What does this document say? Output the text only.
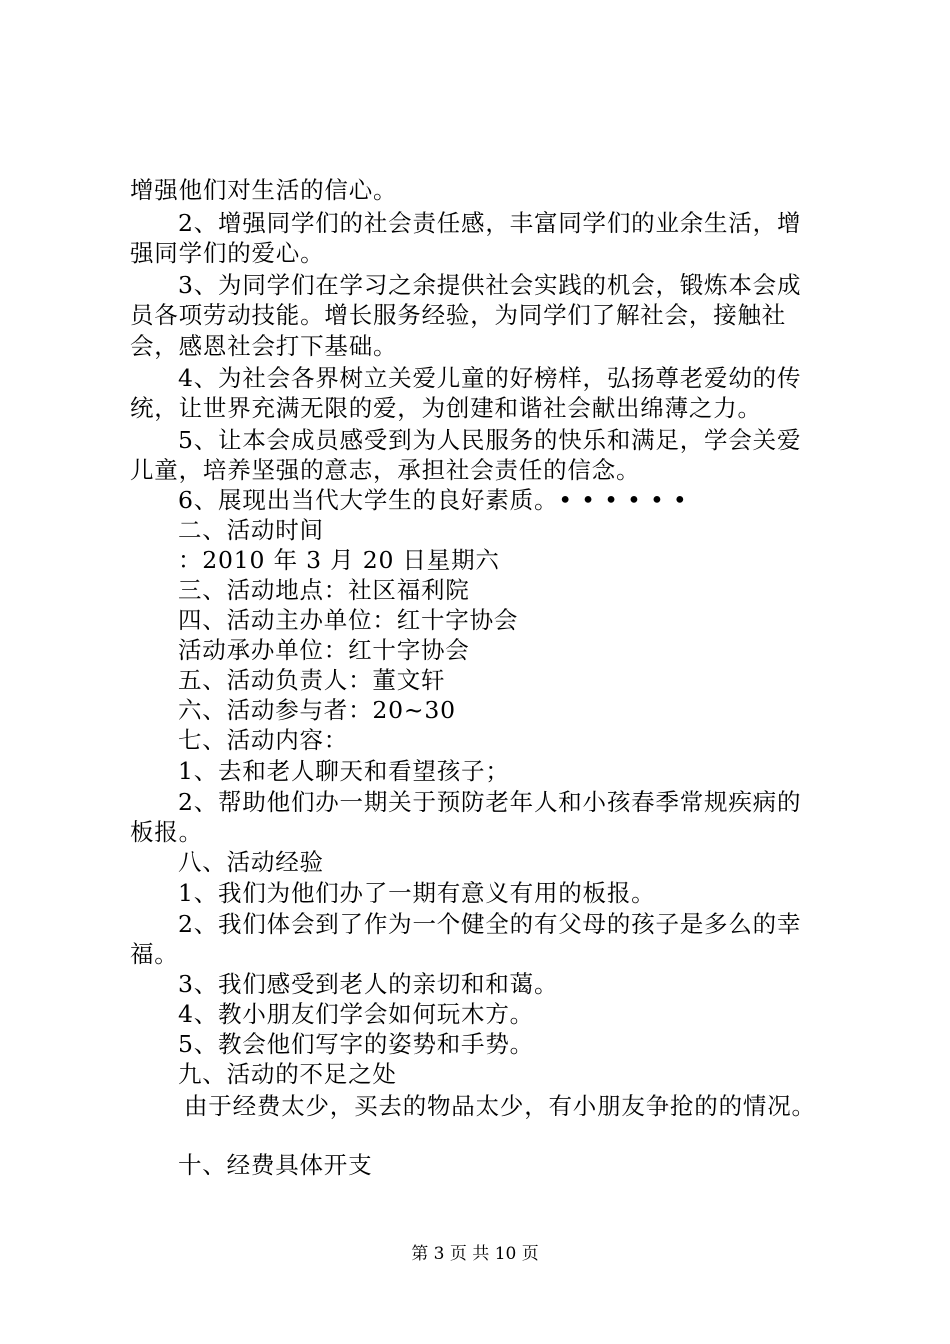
增强他们对生活的信心。
2、增强同学们的社会责任感，丰富同学们的业余生活，增
强同学们的爱心。
3、为同学们在学习之余提供社会实践的机会，锻炼本会成
员各项劳动技能。增长服务经验，为同学们了解社会，接触社
会，感恩社会打下基础。
4、为社会各界树立关爱儿童的好榜样，弘扬尊老爱幼的传
统，让世界充满无限的爱，为创建和谐社会献出绵薄之力。
5、让本会成员感受到为人民服务的快乐和满足，学会关爱
儿童，培养坚强的意志，承担社会责任的信念。
6、展现出当代大学生的良好素质。• • • • • •
二、活动时间
：2010 年 3 月 20 日星期六
三、活动地点：社区福利院
四、活动主办单位：红十字协会
活动承办单位：红十字协会
五、活动负责人：董文轩
六、活动参与者：20~30
七、活动内容：
1、去和老人聊天和看望孩子；
2、帮助他们办一期关于预防老年人和小孩春季常规疾病的
板报。
八、活动经验
1、我们为他们办了一期有意义有用的板报。
2、我们体会到了作为一个健全的有父母的孩子是多么的幸
福。
3、我们感受到老人的亲切和和蔼。
4、教小朋友们学会如何玩木方。
5、教会他们写字的姿势和手势。
九、活动的不足之处
由于经费太少，买去的物品太少，有小朋友争抢的的情况。
十、经费具体开支
第 3 页 共 10 页
